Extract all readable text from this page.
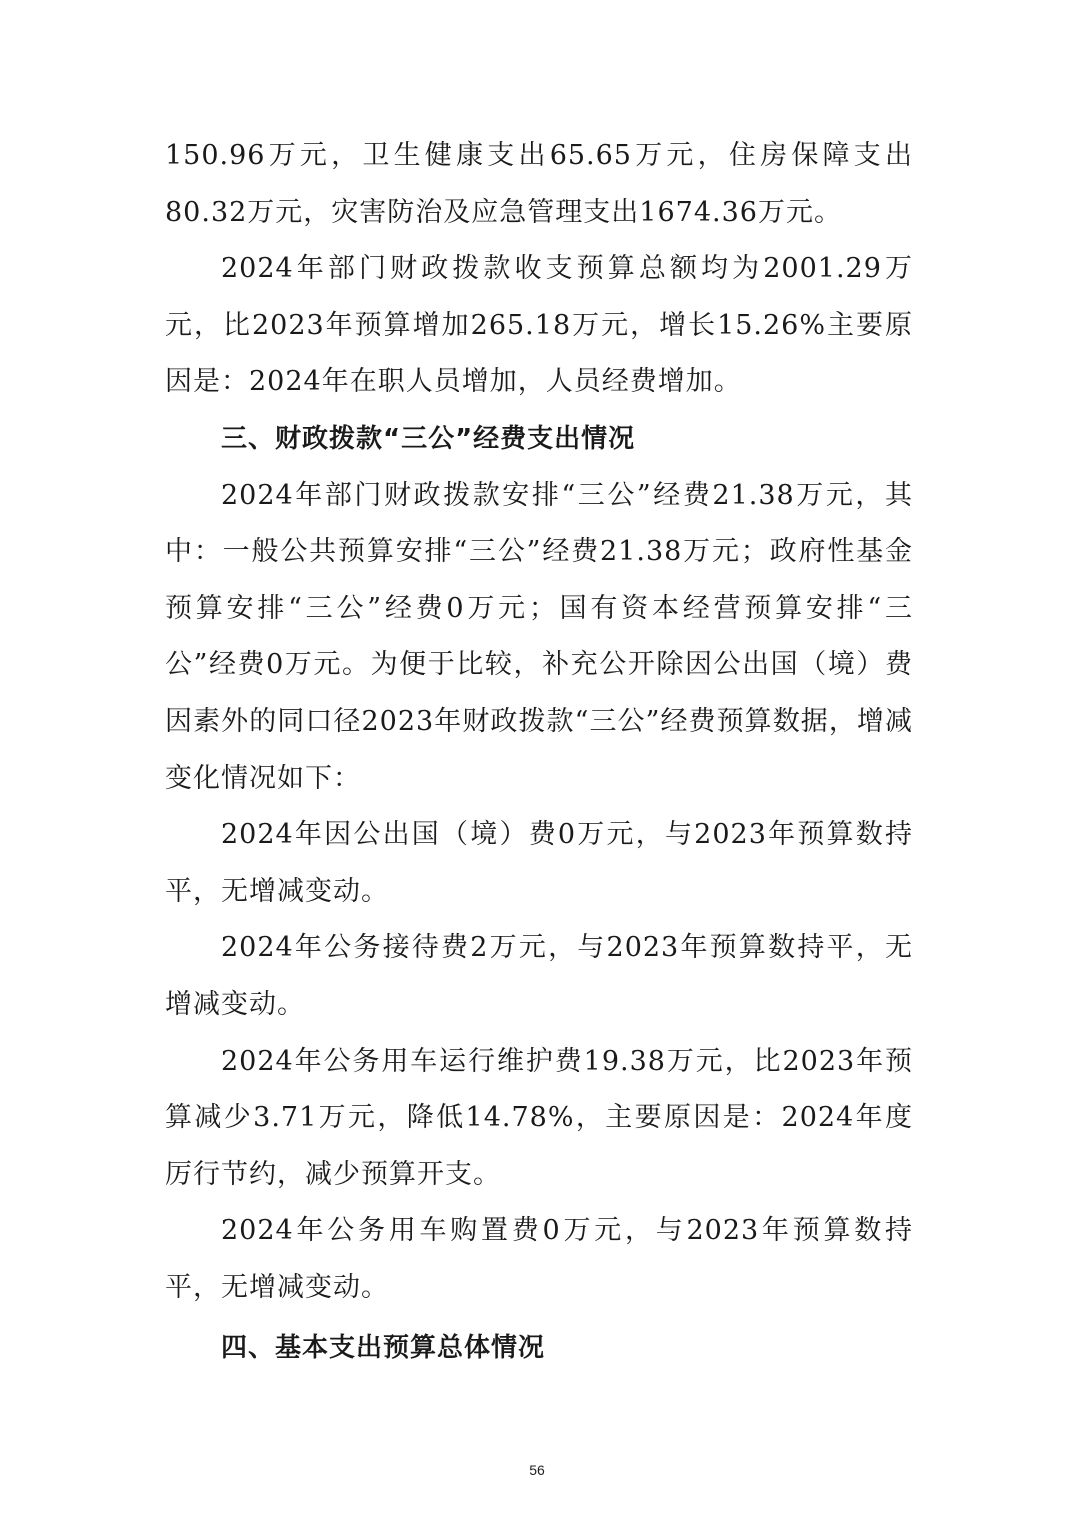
150.96万元，卫生健康支出65.65万元，住房保障支出80.32万元，灾害防治及应急管理支出1674.36万元。

2024年部门财政拨款收支预算总额均为2001.29万元，比2023年预算增加265.18万元，增长15.26%主要原因是：2024年在职人员增加，人员经费增加。

三、财政拨款“三公”经费支出情况

2024年部门财政拨款安排“三公”经费21.38万元，其中：一般公共预算安排“三公”经费21.38万元；政府性基金预算安排“三公”经费0万元；国有资本经营预算安排“三公”经费0万元。为便于比较，补充公开除因公出国（境）费因素外的同口径2023年财政拨款“三公”经费预算数据，增减变化情况如下：

2024年因公出国（境）费0万元，与2023年预算数持平，无增减变动。

2024年公务接待费2万元，与2023年预算数持平，无增减变动。

2024年公务用车运行维护费19.38万元，比2023年预算减少3.71万元，降低14.78%，主要原因是：2024年度厉行节约，减少预算开支。

2024年公务用车购置费0万元，与2023年预算数持平，无增减变动。

四、基本支出预算总体情况

56
